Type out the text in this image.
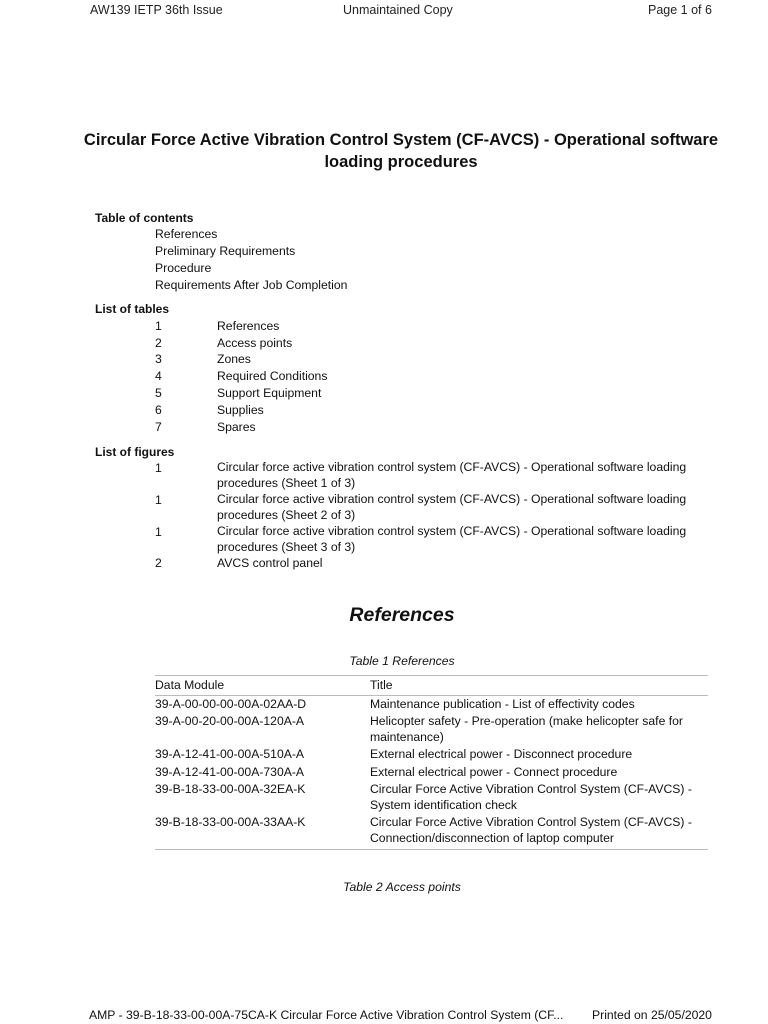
AW139 IETP 36th Issue	Unmaintained Copy	Page 1 of 6
Circular Force Active Vibration Control System (CF-AVCS) - Operational software loading procedures
Table of contents
References
Preliminary Requirements
Procedure
Requirements After Job Completion
List of tables
1	References
2	Access points
3	Zones
4	Required Conditions
5	Support Equipment
6	Supplies
7	Spares
List of figures
1	Circular force active vibration control system (CF-AVCS) - Operational software loading procedures (Sheet 1 of 3)
1	Circular force active vibration control system (CF-AVCS) - Operational software loading procedures (Sheet 2 of 3)
1	Circular force active vibration control system (CF-AVCS) - Operational software loading procedures (Sheet 3 of 3)
2	AVCS control panel
References
Table 1 References
Data Module	Title
39-A-00-00-00-00A-02AA-D	Maintenance publication - List of effectivity codes
39-A-00-20-00-00A-120A-A	Helicopter safety - Pre-operation (make helicopter safe for maintenance)
39-A-12-41-00-00A-510A-A	External electrical power - Disconnect procedure
39-A-12-41-00-00A-730A-A	External electrical power - Connect procedure
39-B-18-33-00-00A-32EA-K	Circular Force Active Vibration Control System (CF-AVCS) - System identification check
39-B-18-33-00-00A-33AA-K	Circular Force Active Vibration Control System (CF-AVCS) - Connection/disconnection of laptop computer
Table 2 Access points
AMP - 39-B-18-33-00-00A-75CA-K Circular Force Active Vibration Control System (CF... Printed on 25/05/2020
